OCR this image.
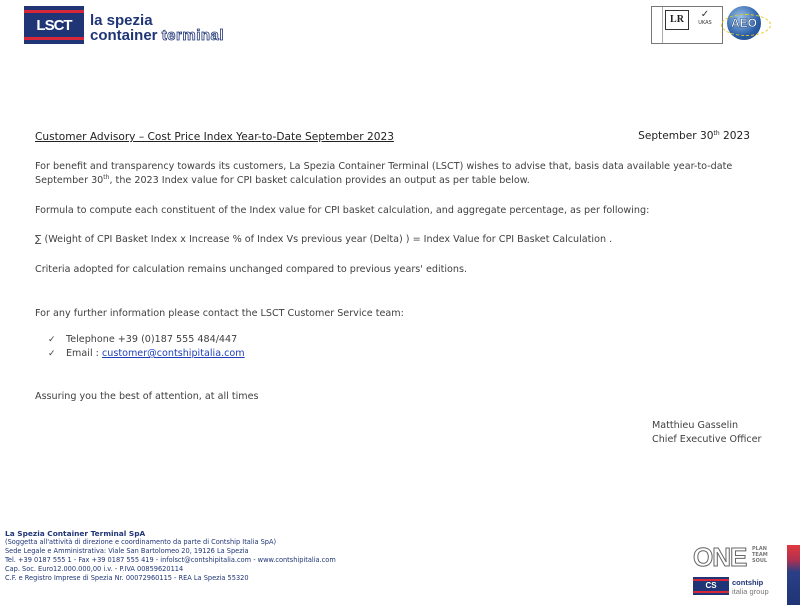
LSCT	la spezia
container terminal
LR	✓
UKAS	AEO
Customer Advisory – Cost Price Index Year-to-Date September 2023	September 30th 2023
For benefit and transparency towards its customers, La Spezia Container Terminal (LSCT) wishes to advise that, basis data available year-to-date September 30th, the 2023 Index value for CPI basket calculation provides an output as per table below.
Formula to compute each constituent of the Index value for CPI basket calculation, and aggregate percentage, as per following:
∑ (Weight of CPI Basket Index x Increase % of Index Vs previous year (Delta) ) = Index Value for CPI Basket Calculation .
Criteria adopted for calculation remains unchanged compared to previous years' editions.
For any further information please contact the LSCT Customer Service team:
✓	Telephone +39 (0)187 555 484/447
✓	Email :
customer@contshipitalia.com
Assuring you the best of attention, at all times
Matthieu Gasselin
Chief Executive Officer
La Spezia Container Terminal SpA
(Soggetta all'attività di direzione e coordinamento da parte di Contship Italia SpA)
Sede Legale e Amministrativa: Viale San Bartolomeo 20, 19126 La Spezia
Tel. +39 0187 555 1 - Fax +39 0187 555 419 - infolsct@contshipitalia.com - www.contshipitalia.com
Cap. Soc. Euro12.000.000,00 i.v. - P.IVA 00859620114
C.F. e Registro Imprese di Spezia Nr. 00072960115 - REA La Spezia 55320
ONE PLAN TEAM SOUL
CS	contship
italia group
